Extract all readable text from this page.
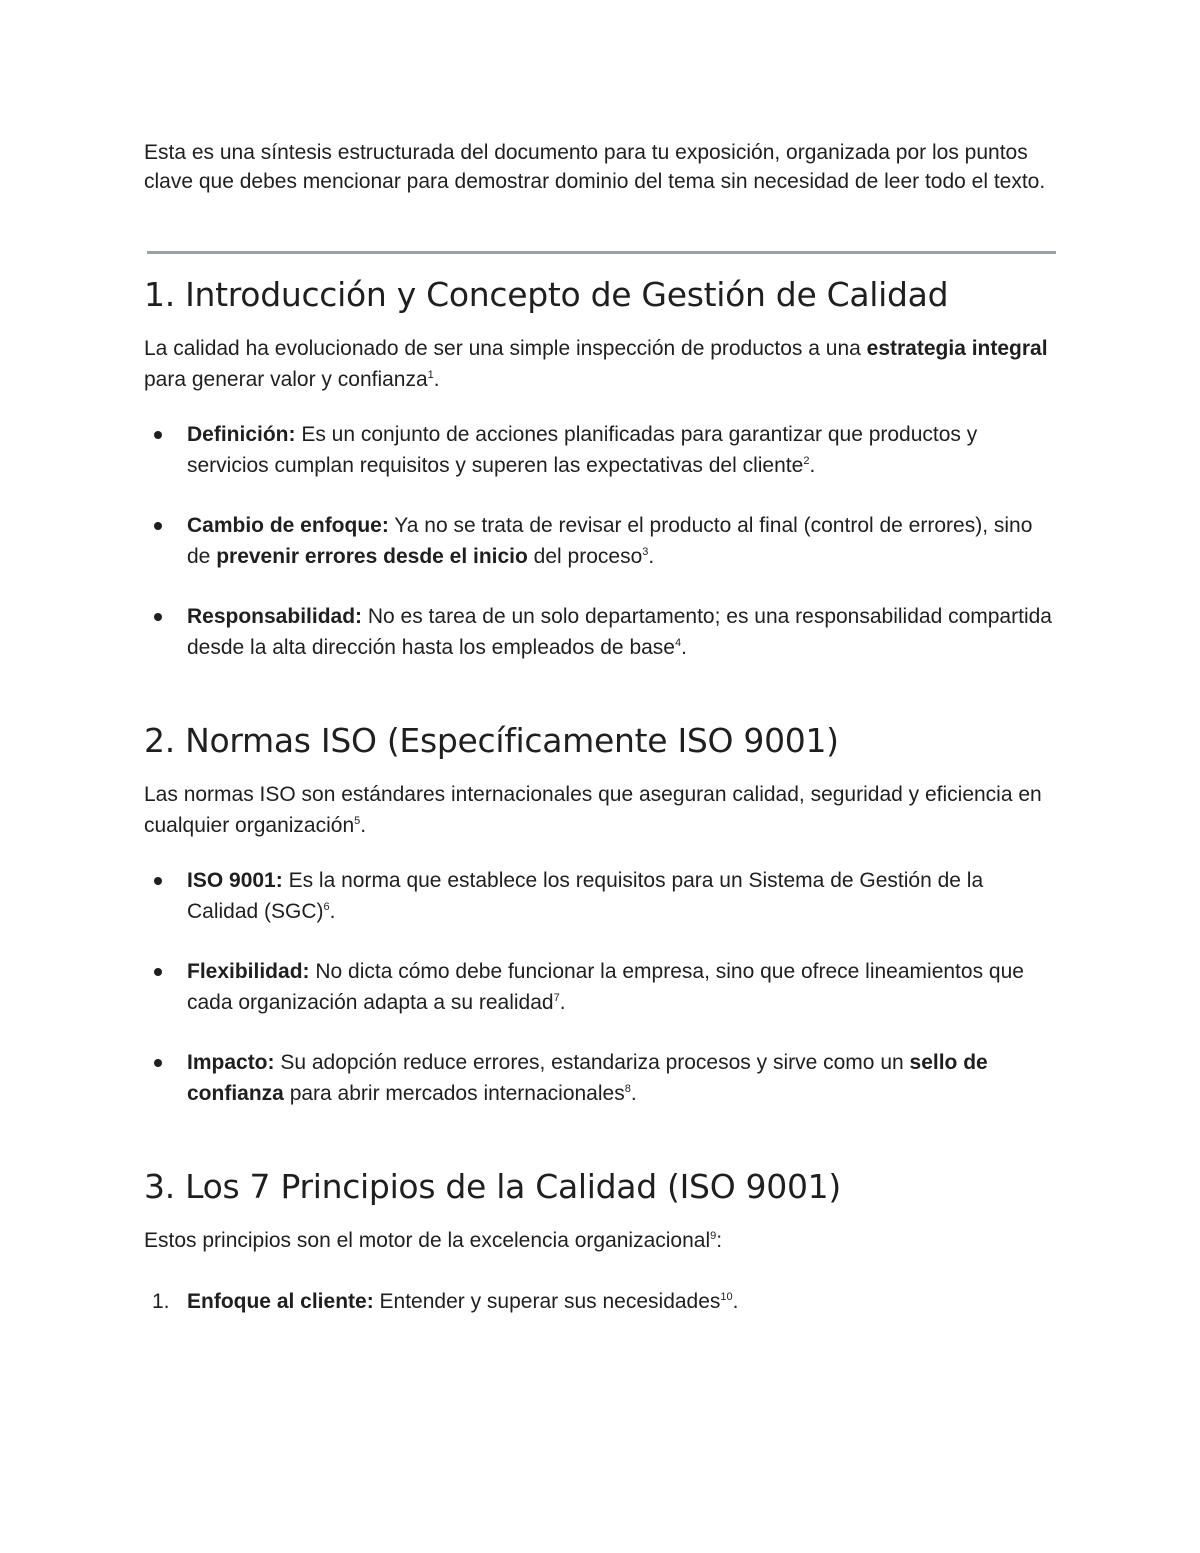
Esta es una síntesis estructurada del documento para tu exposición, organizada por los puntos clave que debes mencionar para demostrar dominio del tema sin necesidad de leer todo el texto.

1. Introducción y Concepto de Gestión de Calidad

La calidad ha evolucionado de ser una simple inspección de productos a una estrategia integral para generar valor y confianza$^1$.

Definición: Es un conjunto de acciones planificadas para garantizar que productos y servicios cumplan requisitos y superen las expectativas del cliente$^2$.
Cambio de enfoque: Ya no se trata de revisar el producto al final (control de errores), sino de prevenir errores desde el inicio del proceso$^3$.
Responsabilidad: No es tarea de un solo departamento; es una responsabilidad compartida desde la alta dirección hasta los empleados de base$^4$.
2. Normas ISO (Específicamente ISO 9001)

Las normas ISO son estándares internacionales que aseguran calidad, seguridad y eficiencia en cualquier organización$^5$.

ISO 9001: Es la norma que establece los requisitos para un Sistema de Gestión de la Calidad (SGC)$^6$.
Flexibilidad: No dicta cómo debe funcionar la empresa, sino que ofrece lineamientos que cada organización adapta a su realidad$^7$.
Impacto: Su adopción reduce errores, estandariza procesos y sirve como un sello de confianza para abrir mercados internacionales$^8$.
3. Los 7 Principios de la Calidad (ISO 9001)

Estos principios son el motor de la excelencia organizacional$^9$:

1. Enfoque al cliente: Entender y superar sus necesidades$^{10}$.
